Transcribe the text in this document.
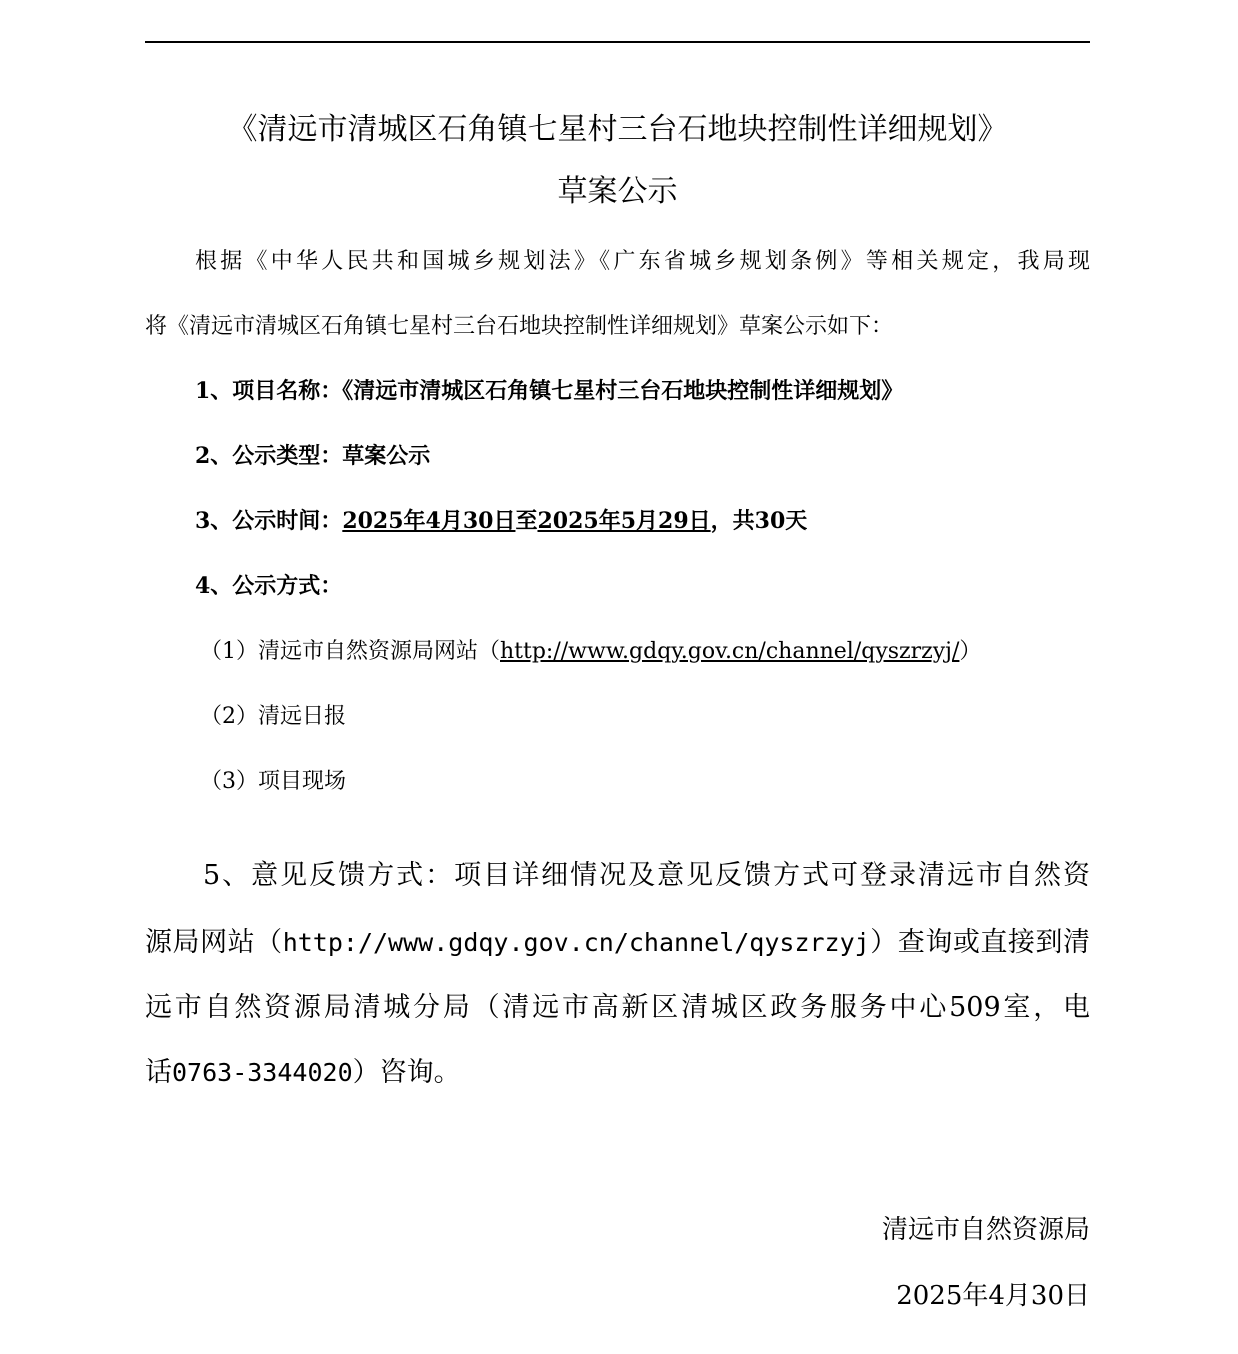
《清远市清城区石角镇七星村三台石地块控制性详细规划》
草案公示
根据《中华人民共和国城乡规划法》《广东省城乡规划条例》等相关规定，我局现
将《清远市清城区石角镇七星村三台石地块控制性详细规划》草案公示如下：
1、项目名称：《清远市清城区石角镇七星村三台石地块控制性详细规划》
2、公示类型：草案公示
3、公示时间：2025年4月30日至2025年5月29日，共30天
4、公示方式：
（1）清远市自然资源局网站（http://www.gdqy.gov.cn/channel/qyszrzyj/）
（2）清远日报
（3）项目现场
5、意见反馈方式：项目详细情况及意见反馈方式可登录清远市自然资
源局网站（http://www.gdqy.gov.cn/channel/qyszrzyj）查询或直接到清
远市自然资源局清城分局（清远市高新区清城区政务服务中心509室，电
话0763-3344020）咨询。
清远市自然资源局
2025年4月30日
